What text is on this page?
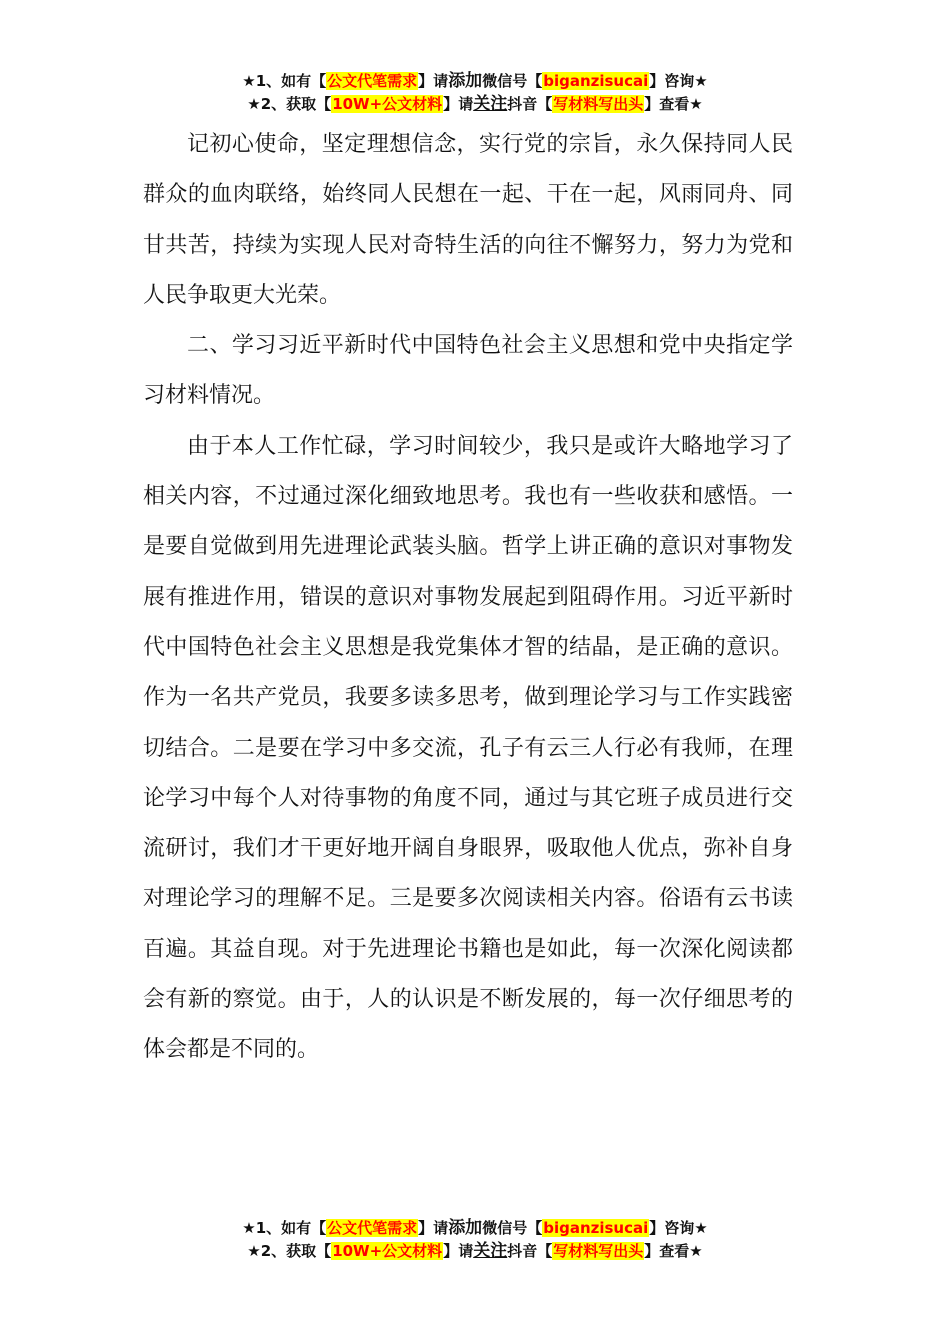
★1、如有【公文代笔需求】请添加微信号【biganzisucai】咨询★
★2、获取【10W+公文材料】请关注抖音【写材料写出头】查看★

记初心使命，坚定理想信念，实行党的宗旨，永久保持同人民群众的血肉联络，始终同人民想在一起、干在一起，风雨同舟、同甘共苦，持续为实现人民对奇特生活的向往不懈努力，努力为党和人民争取更大光荣。

二、学习习近平新时代中国特色社会主义思想和党中央指定学习材料情况。

由于本人工作忙碌，学习时间较少，我只是或许大略地学习了相关内容，不过通过深化细致地思考。我也有一些收获和感悟。一是要自觉做到用先进理论武装头脑。哲学上讲正确的意识对事物发展有推进作用，错误的意识对事物发展起到阻碍作用。习近平新时代中国特色社会主义思想是我党集体才智的结晶，是正确的意识。作为一名共产党员，我要多读多思考，做到理论学习与工作实践密切结合。二是要在学习中多交流，孔子有云三人行必有我师，在理论学习中每个人对待事物的角度不同，通过与其它班子成员进行交流研讨，我们才干更好地开阔自身眼界，吸取他人优点，弥补自身对理论学习的理解不足。三是要多次阅读相关内容。俗语有云书读百遍。其益自现。对于先进理论书籍也是如此，每一次深化阅读都会有新的察觉。由于，人的认识是不断发展的，每一次仔细思考的体会都是不同的。

★1、如有【公文代笔需求】请添加微信号【biganzisucai】咨询★
★2、获取【10W+公文材料】请关注抖音【写材料写出头】查看★
